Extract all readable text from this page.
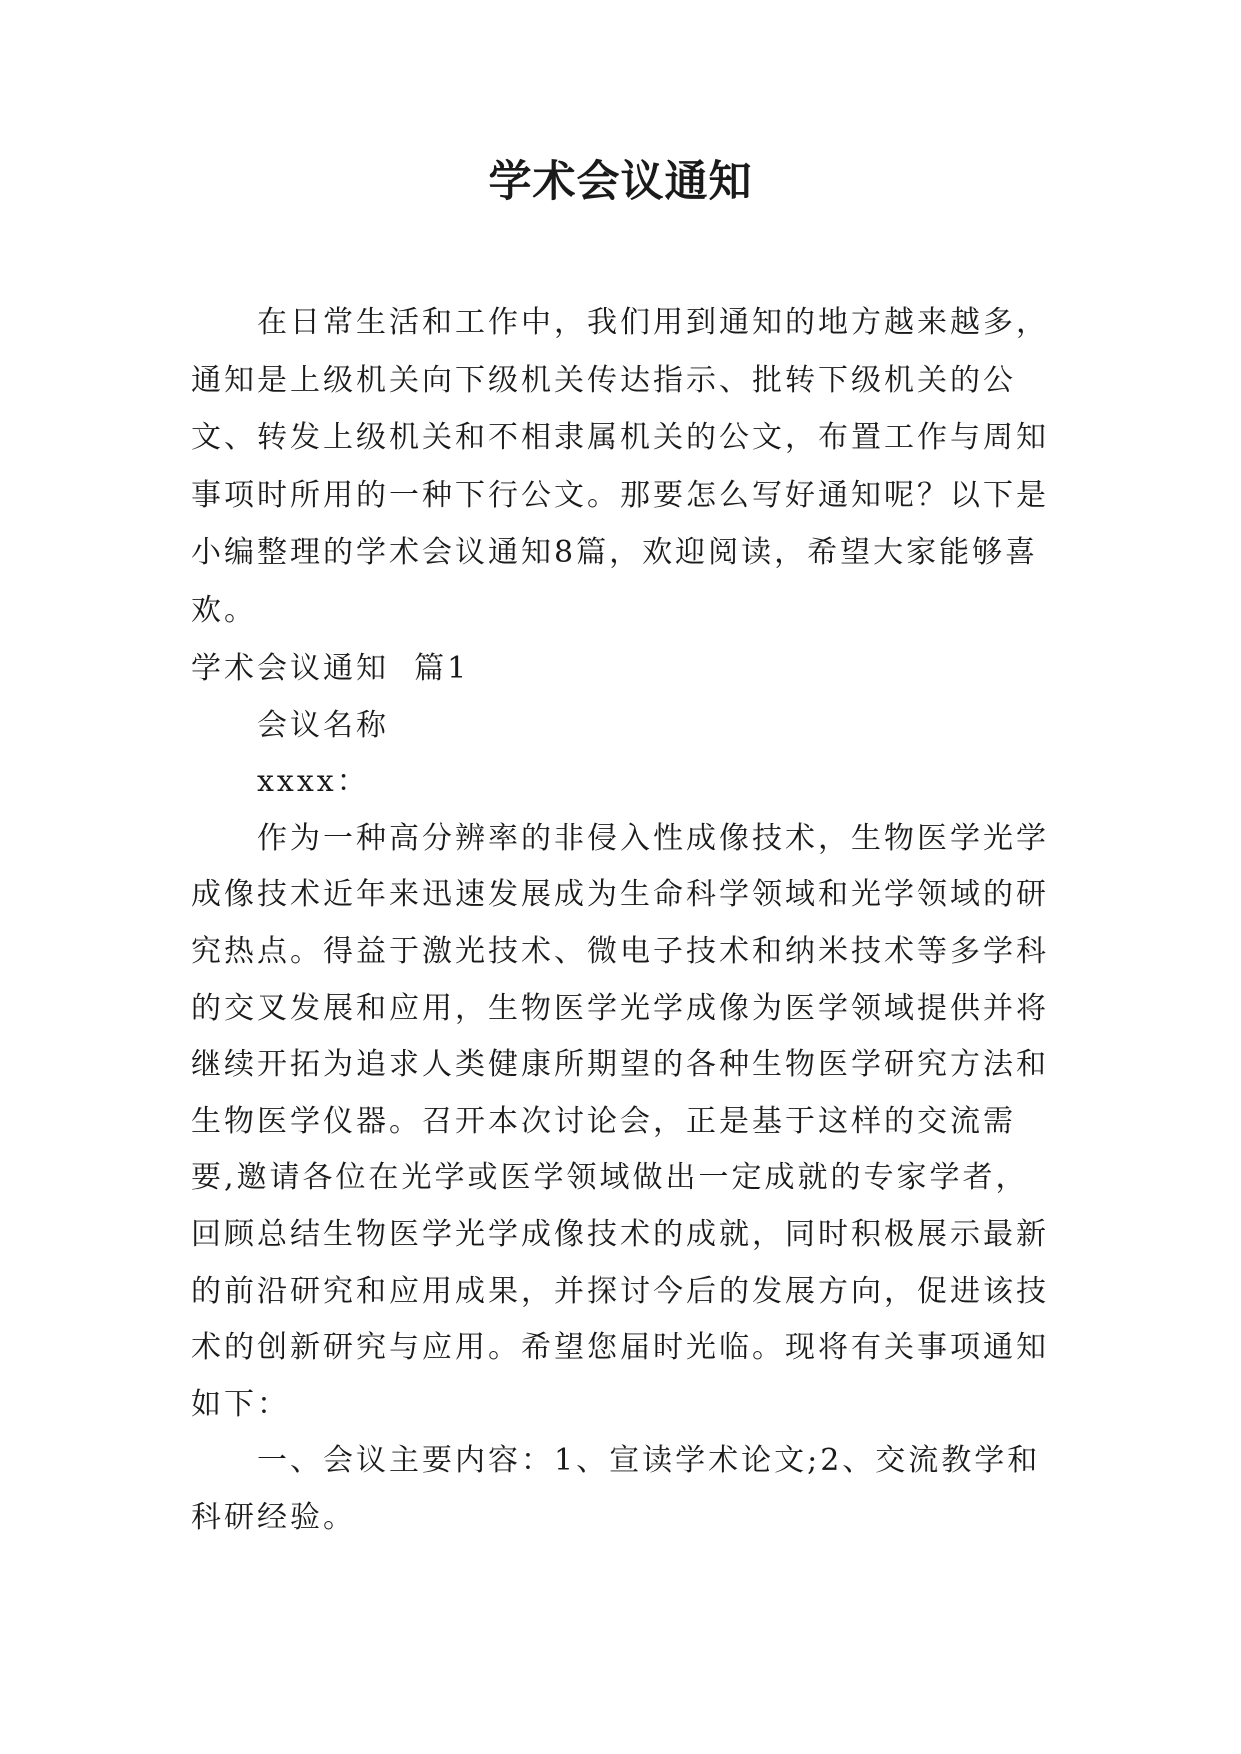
学术会议通知

在日常生活和工作中，我们用到通知的地方越来越多，通知是上级机关向下级机关传达指示、批转下级机关的公文、转发上级机关和不相隶属机关的公文，布置工作与周知事项时所用的一种下行公文。那要怎么写好通知呢？以下是小编整理的学术会议通知8篇，欢迎阅读，希望大家能够喜欢。

学术会议通知  篇1

会议名称

xxxx：

作为一种高分辨率的非侵入性成像技术，生物医学光学成像技术近年来迅速发展成为生命科学领域和光学领域的研究热点。得益于激光技术、微电子技术和纳米技术等多学科的交叉发展和应用，生物医学光学成像为医学领域提供并将继续开拓为追求人类健康所期望的各种生物医学研究方法和生物医学仪器。召开本次讨论会，正是基于这样的交流需要,邀请各位在光学或医学领域做出一定成就的专家学者，回顾总结生物医学光学成像技术的成就，同时积极展示最新的前沿研究和应用成果，并探讨今后的发展方向，促进该技术的创新研究与应用。希望您届时光临。现将有关事项通知如下：

一、会议主要内容：1、宣读学术论文;2、交流教学和科研经验。
